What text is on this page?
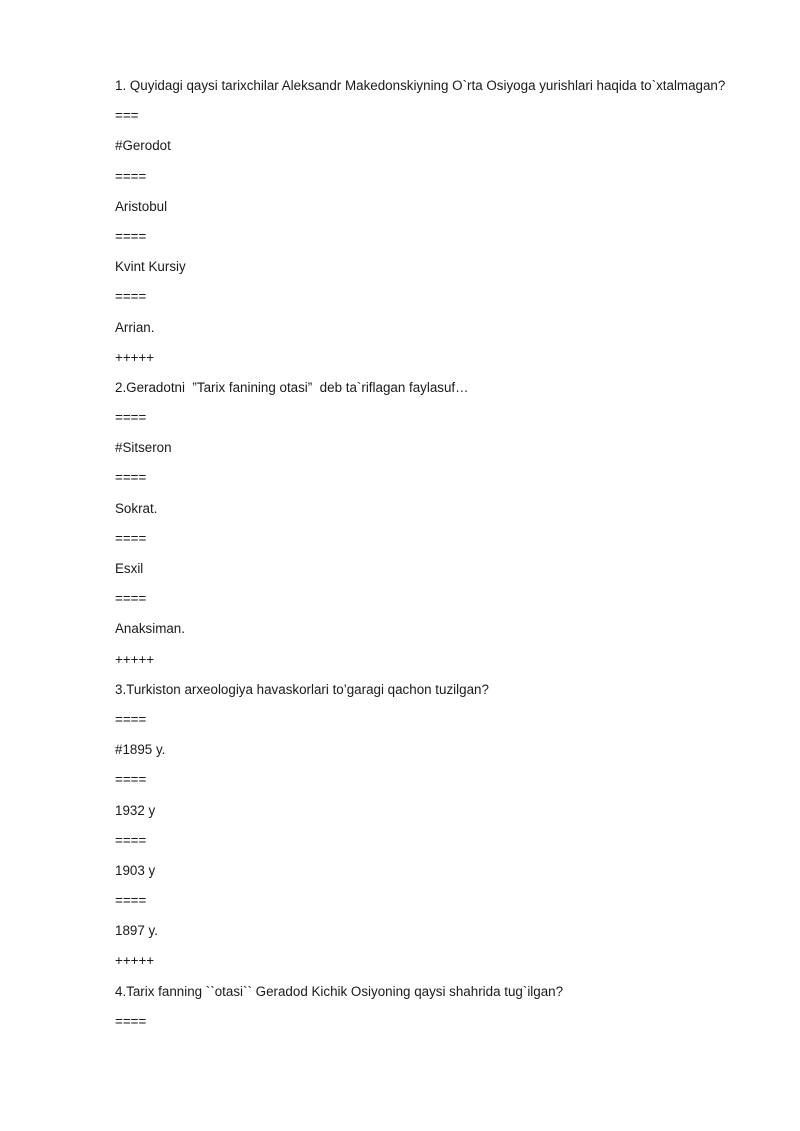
1. Quyidagi qaysi tarixchilar Aleksandr Makedonskiyning O`rta Osiyoga yurishlari haqida to`xtalmagan?
===
#Gerodot
====
Aristobul
====
Kvint Kursiy
====
Arrian.
+++++
2.Geradotni  ”Tarix fanining otasi”  deb ta`riflagan faylasuf…
====
#Sitseron
====
Sokrat.
====
Esxil
====
Anaksiman.
+++++
3.Turkiston arxeologiya havaskorlari to’garagi qachon tuzilgan?
====
#1895 y.
====
1932 y
====
1903 y
====
1897 y.
+++++
4.Tarix fanning ``otasi`` Geradod Kichik Osiyoning qaysi shahrida tug`ilgan?
====
